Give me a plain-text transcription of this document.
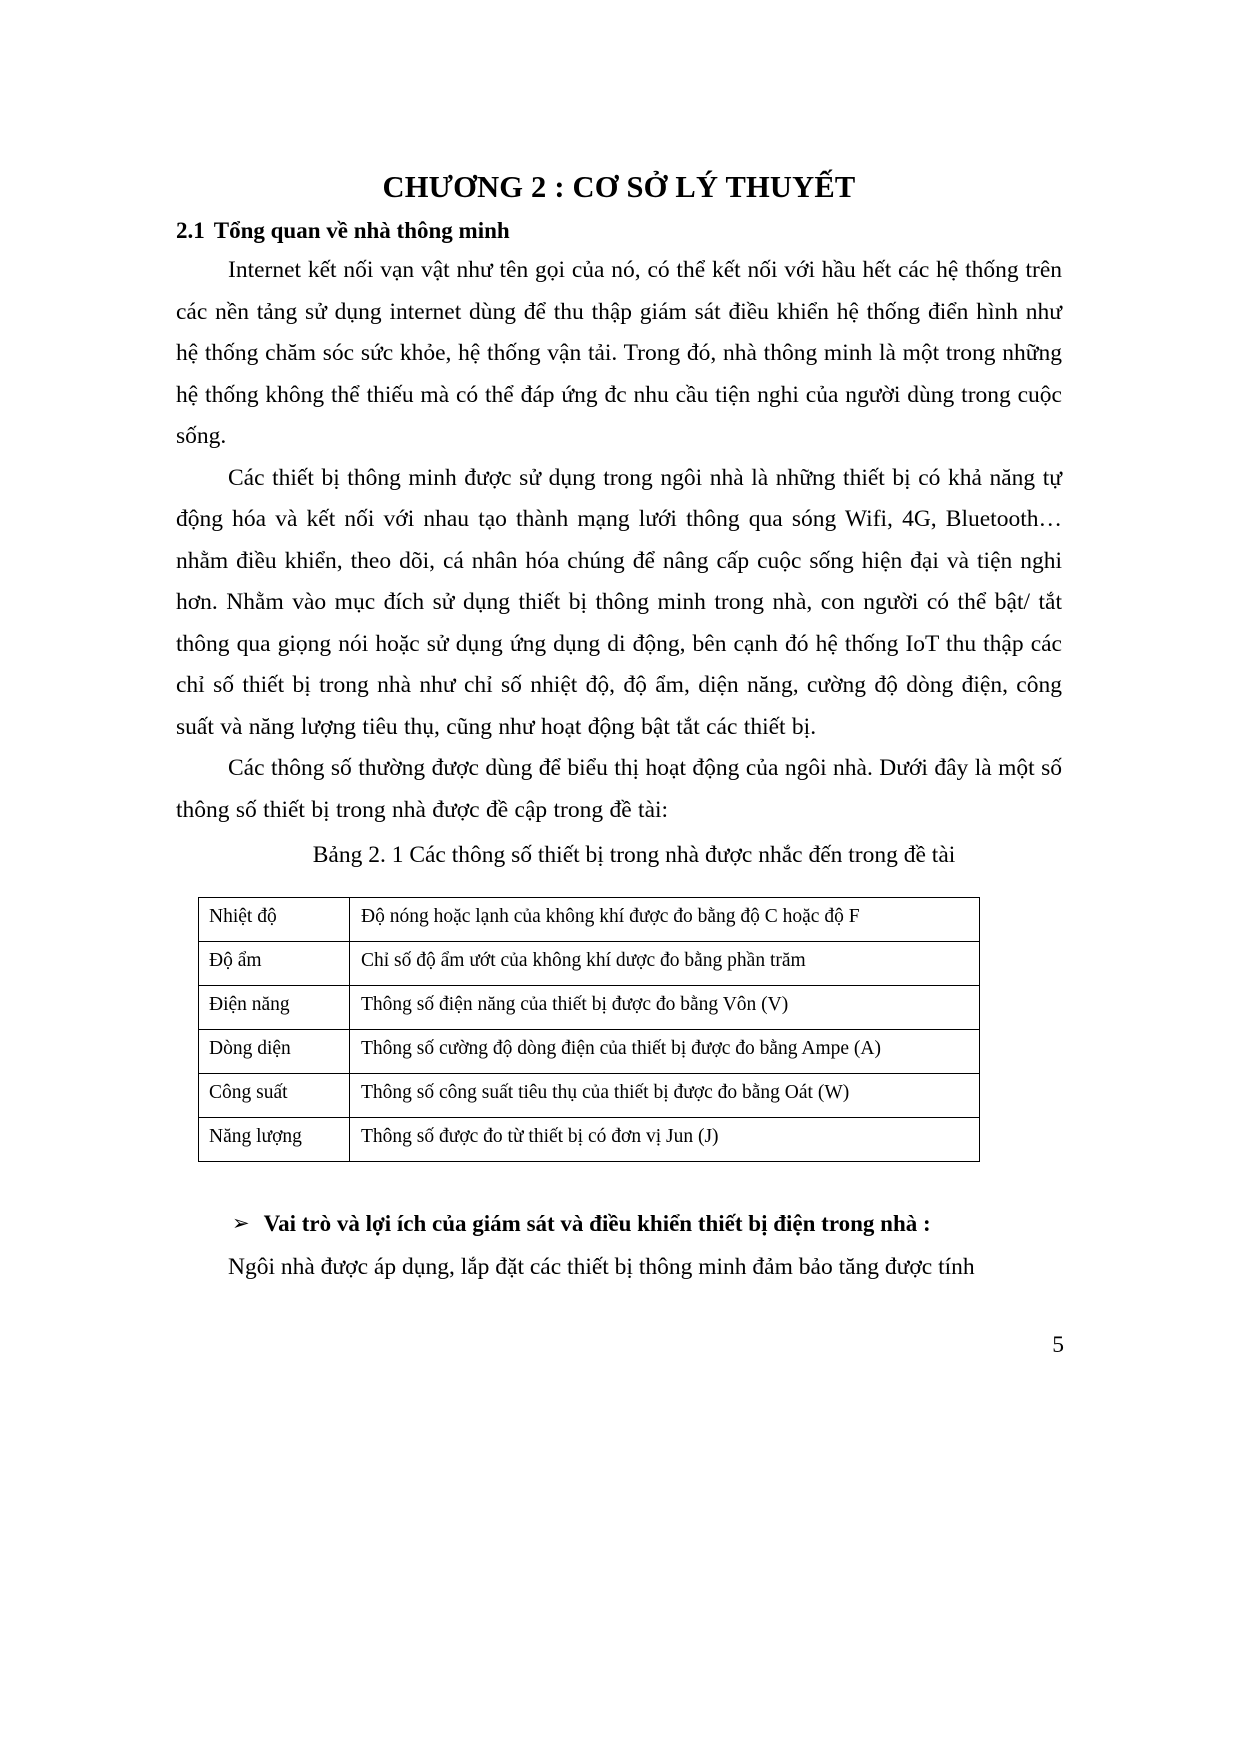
CHƯƠNG 2 : CƠ SỞ LÝ THUYẾT
2.1 Tổng quan về nhà thông minh

Internet kết nối vạn vật như tên gọi của nó, có thể kết nối với hầu hết các hệ thống trên các nền tảng sử dụng internet dùng để thu thập giám sát điều khiển hệ thống điển hình như hệ thống chăm sóc sức khỏe, hệ thống vận tải. Trong đó, nhà thông minh là một trong những hệ thống không thể thiếu mà có thể đáp ứng đc nhu cầu tiện nghi của người dùng trong cuộc sống.

Các thiết bị thông minh được sử dụng trong ngôi nhà là những thiết bị có khả năng tự động hóa và kết nối với nhau tạo thành mạng lưới thông qua sóng Wifi, 4G, Bluetooth… nhằm điều khiển, theo dõi, cá nhân hóa chúng để nâng cấp cuộc sống hiện đại và tiện nghi hơn. Nhằm vào mục đích sử dụng thiết bị thông minh trong nhà, con người có thể bật/ tắt thông qua giọng nói hoặc sử dụng ứng dụng di động, bên cạnh đó hệ thống IoT thu thập các chỉ số thiết bị trong nhà như chỉ số nhiệt độ, độ ẩm, diện năng, cường độ dòng điện, công suất và năng lượng tiêu thụ, cũng như hoạt động bật tắt các thiết bị.

Các thông số thường được dùng để biểu thị hoạt động của ngôi nhà. Dưới đây là một số thông số thiết bị trong nhà được đề cập trong đề tài:

Bảng 2. 1 Các thông số thiết bị trong nhà được nhắc đến trong đề tài

Nhiệt độ	Độ nóng hoặc lạnh của không khí được đo bằng độ C hoặc độ F
Độ ẩm	Chỉ số độ ẩm ướt của không khí dược đo bằng phần trăm
Điện năng	Thông số điện năng của thiết bị được đo bằng Vôn (V)
Dòng diện	Thông số cường độ dòng điện của thiết bị được đo bằng Ampe (A)
Công suất	Thông số công suất tiêu thụ của thiết bị được đo bằng Oát (W)
Năng lượng	Thông số được đo từ thiết bị có đơn vị Jun (J)
➢ Vai trò và lợi ích của giám sát và điều khiển thiết bị điện trong nhà :

Ngôi nhà được áp dụng, lắp đặt các thiết bị thông minh đảm bảo tăng được tính

5
